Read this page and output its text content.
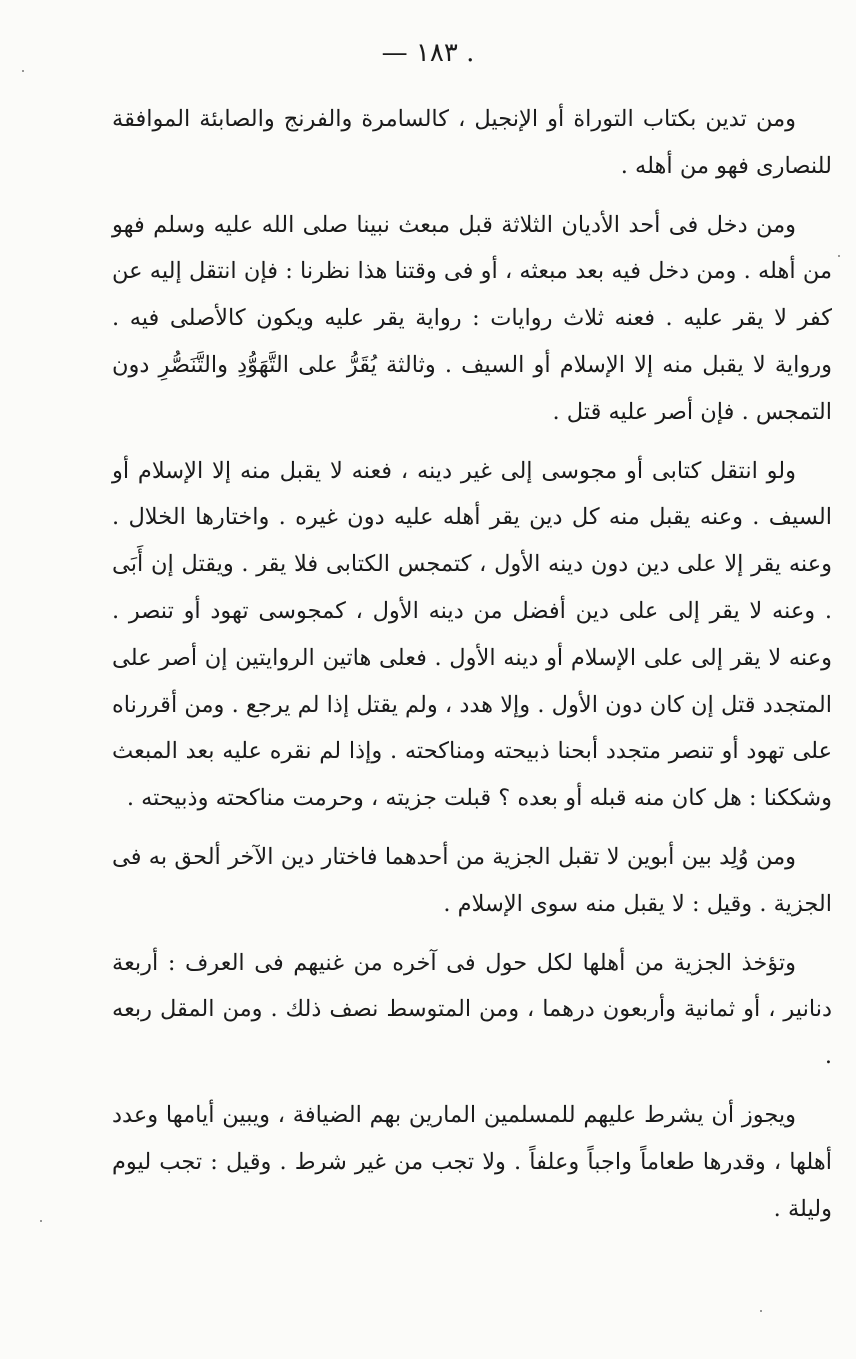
— ١٨٣ .

ومن تدين بكتاب التوراة أو الإنجيل ، كالسامرة والفرنج والصابئة الموافقة للنصارى فهو من أهله .

ومن دخل فى أحد الأديان الثلاثة قبل مبعث نبينا صلى الله عليه وسلم فهو من أهله . ومن دخل فيه بعد مبعثه ، أو فى وقتنا هذا نظرنا : فإن انتقل إليه عن كفر لا يقر عليه . فعنه ثلاث روايات : رواية يقر عليه ويكون كالأصلى فيه . ورواية لا يقبل منه إلا الإسلام أو السيف . وثالثة يُقَرُّ على التَّهَوُّدِ والتَّنَصُّرِ دون التمجس . فإن أصر عليه قتل .

ولو انتقل كتابى أو مجوسى إلى غير دينه ، فعنه لا يقبل منه إلا الإسلام أو السيف . وعنه يقبل منه كل دين يقر أهله عليه دون غيره . واختارها الخلال . وعنه يقر إلا على دين دون دينه الأول ، كتمجس الكتابى فلا يقر . ويقتل إن أَبَى . وعنه لا يقر إلى على دين أفضل من دينه الأول ، كمجوسى تهود أو تنصر . وعنه لا يقر إلى على الإسلام أو دينه الأول . فعلى هاتين الروايتين إن أصر على المتجدد قتل إن كان دون الأول . وإلا هدد ، ولم يقتل إذا لم يرجع . ومن أقررناه على تهود أو تنصر متجدد أبحنا ذبيحته ومناكحته . وإذا لم نقره عليه بعد المبعث وشككنا : هل كان منه قبله أو بعده ؟ قبلت جزيته ، وحرمت مناكحته وذبيحته .

ومن وُلِد بين أبوين لا تقبل الجزية من أحدهما فاختار دين الآخر ألحق به فى الجزية . وقيل : لا يقبل منه سوى الإسلام .

وتؤخذ الجزية من أهلها لكل حول فى آخره من غنيهم فى العرف : أربعة دنانير ، أو ثمانية وأربعون درهما ، ومن المتوسط نصف ذلك . ومن المقل ربعه .

ويجوز أن يشرط عليهم للمسلمين المارين بهم الضيافة ، ويبين أيامها وعدد أهلها ، وقدرها طعاماً واجباً وعلفاً . ولا تجب من غير شرط . وقيل : تجب ليوم وليلة .
